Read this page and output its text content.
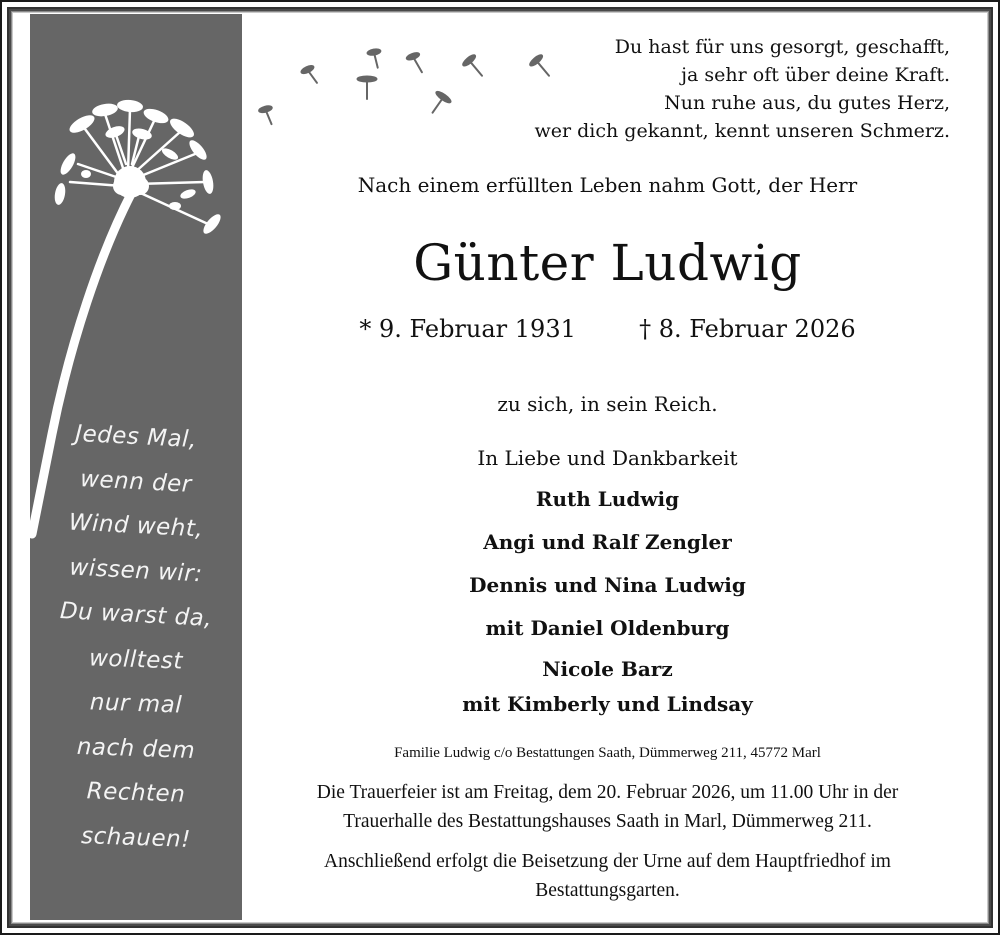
Jedes Mal,
wenn der
Wind weht,
wissen wir:
Du warst da,
wolltest
nur mal
nach dem
Rechten
schauen!
Du hast für uns gesorgt, geschafft,
ja sehr oft über deine Kraft.
Nun ruhe aus, du gutes Herz,
wer dich gekannt, kennt unseren Schmerz.
Nach einem erfüllten Leben nahm Gott, der Herr
Günter Ludwig
* 9. Februar 1931	† 8. Februar 2026
zu sich, in sein Reich.
In Liebe und Dankbarkeit
Ruth Ludwig
Angi und Ralf Zengler
Dennis und Nina Ludwig
mit Daniel Oldenburg
Nicole Barz
mit Kimberly und Lindsay
Familie Ludwig c/o Bestattungen Saath, Dümmerweg 211, 45772 Marl
Die Trauerfeier ist am Freitag, dem 20. Februar 2026, um 11.00 Uhr in der
Trauerhalle des Bestattungshauses Saath in Marl, Dümmerweg 211.
Anschließend erfolgt die Beisetzung der Urne auf dem Hauptfriedhof im
Bestattungsgarten.
